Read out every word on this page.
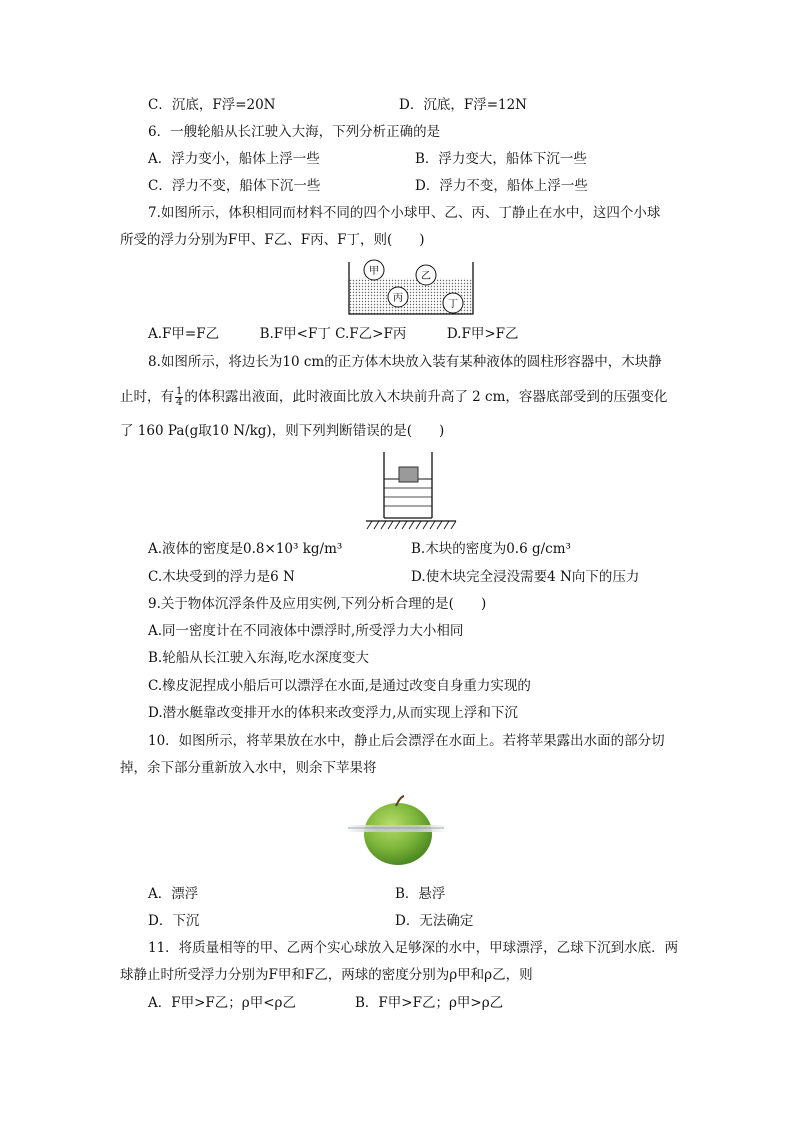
C．沉底，F浮=20N	D．沉底，F浮=12N
6．一艘轮船从长江驶入大海，下列分析正确的是
A．浮力变小，船体上浮一些	B．浮力变大，船体下沉一些
C．浮力不变，船体下沉一些	D．浮力不变，船体上浮一些
7.如图所示，体积相同而材料不同的四个小球甲、乙、丙、丁静止在水中，这四个小球
所受的浮力分别为F甲、F乙、F丙、F丁，则(　　)
甲	乙
丙
丁
A.F甲=F乙　　　B.F甲<F丁 C.F乙>F丙　　　D.F甲>F乙
8.如图所示，将边长为10 cm的正方体木块放入装有某种液体的圆柱形容器中，木块静
止时，有 $\frac{1}{4}$ 的体积露出液面，此时液面比放入木块前升高了 2 cm，容器底部受到的压强变化
了 160 Pa(g取10 N/kg)，则下列判断错误的是(　　)
A.液体的密度是0.8×10³ kg/m³	B.木块的密度为0.6 g/cm³
C.木块受到的浮力是6 N	D.使木块完全浸没需要4 N向下的压力
9.关于物体沉浮条件及应用实例,下列分析合理的是(　　)
A.同一密度计在不同液体中漂浮时,所受浮力大小相同
B.轮船从长江驶入东海,吃水深度变大
C.橡皮泥捏成小船后可以漂浮在水面,是通过改变自身重力实现的
D.潜水艇靠改变排开水的体积来改变浮力,从而实现上浮和下沉
10．如图所示，将苹果放在水中，静止后会漂浮在水面上。若将苹果露出水面的部分切
掉，余下部分重新放入水中，则余下苹果将
A．漂浮	B．悬浮
D．下沉	D．无法确定
11．将质量相等的甲、乙两个实心球放入足够深的水中，甲球漂浮，乙球下沉到水底．两
球静止时所受浮力分别为F甲和F乙，两球的密度分别为ρ甲和ρ乙，则
A．F甲>F乙；ρ甲<ρ乙	B．F甲>F乙；ρ甲>ρ乙
